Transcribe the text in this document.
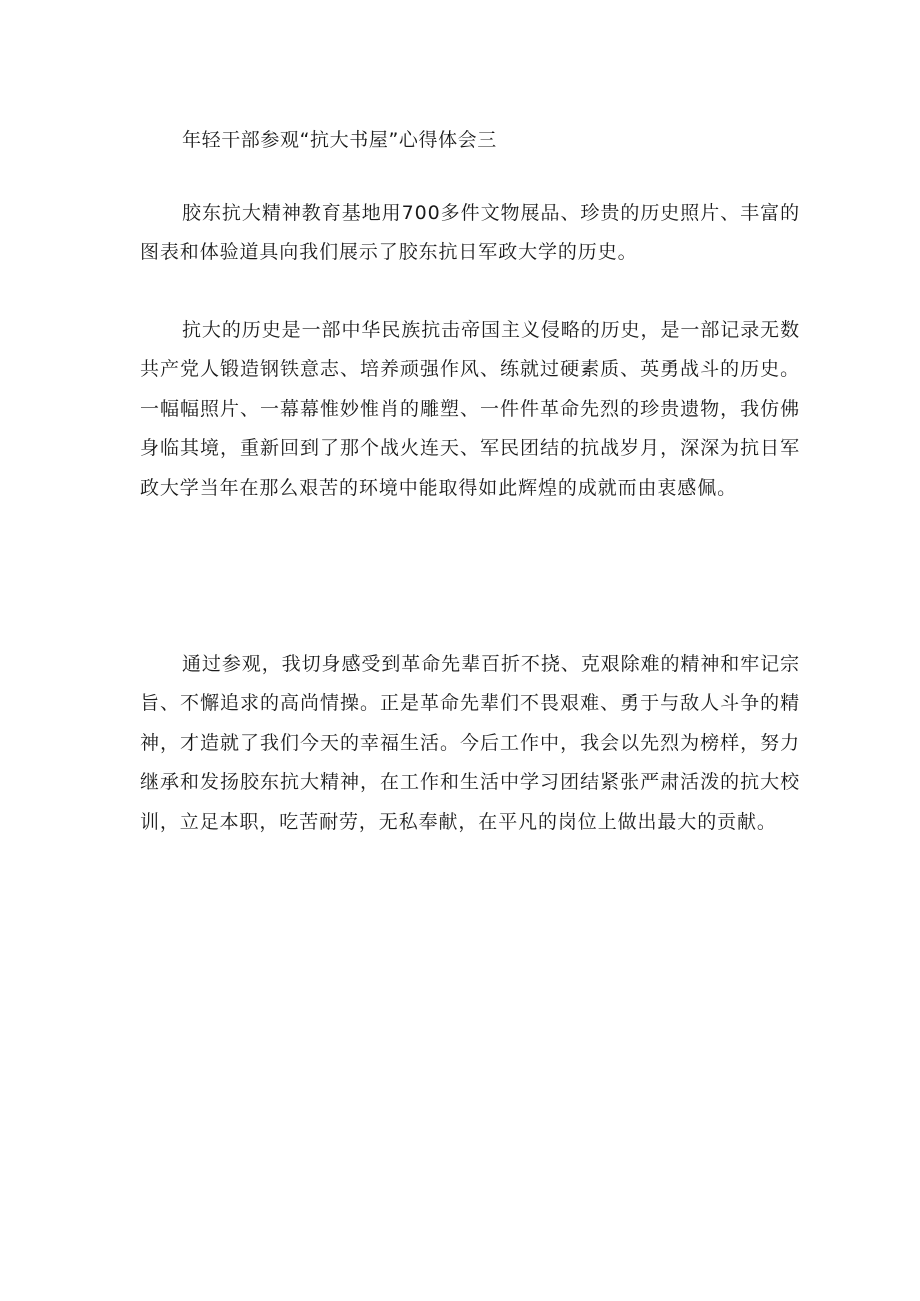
年轻干部参观“抗大书屋”心得体会三

胶东抗大精神教育基地用700多件文物展品、珍贵的历史照片、丰富的图表和体验道具向我们展示了胶东抗日军政大学的历史。

抗大的历史是一部中华民族抗击帝国主义侵略的历史，是一部记录无数共产党人锻造钢铁意志、培养顽强作风、练就过硬素质、英勇战斗的历史。一幅幅照片、一幕幕惟妙惟肖的雕塑、一件件革命先烈的珍贵遗物，我仿佛身临其境，重新回到了那个战火连天、军民团结的抗战岁月，深深为抗日军政大学当年在那么艰苦的环境中能取得如此辉煌的成就而由衷感佩。

通过参观，我切身感受到革命先辈百折不挠、克艰除难的精神和牢记宗旨、不懈追求的高尚情操。正是革命先辈们不畏艰难、勇于与敌人斗争的精神，才造就了我们今天的幸福生活。今后工作中，我会以先烈为榜样，努力继承和发扬胶东抗大精神，在工作和生活中学习团结紧张严肃活泼的抗大校训，立足本职，吃苦耐劳，无私奉献，在平凡的岗位上做出最大的贡献。
